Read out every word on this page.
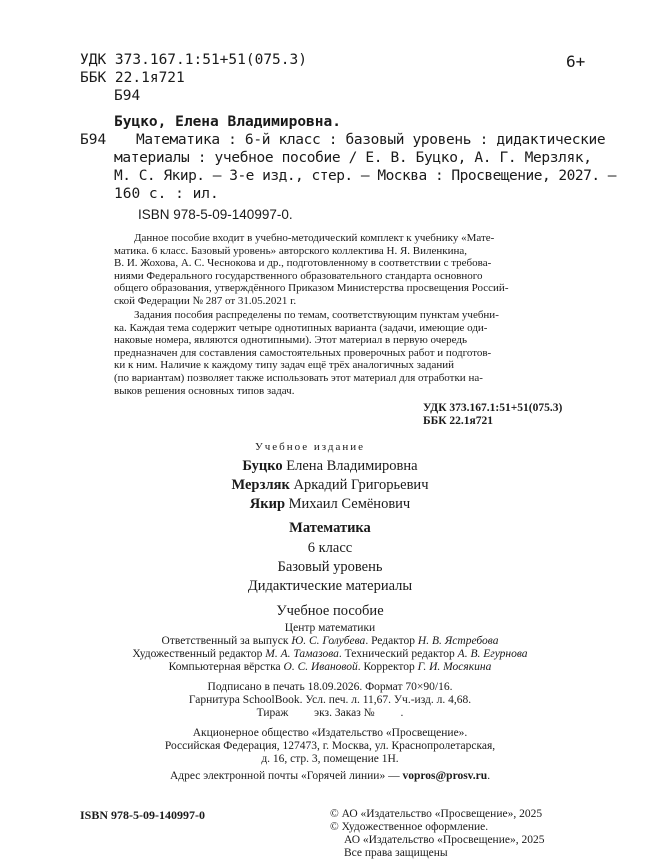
УДК 373.167.1:51+51(075.3)
ББК 22.1я721
Б94
6+
Буцко, Елена Владимировна.
Б94 Математика : 6-й класс : базовый уровень : дидактические
материалы : учебное пособие / Е. В. Буцко, А. Г. Мерзляк,
М. С. Якир. — 3-е изд., стер. — Москва : Просвещение, 2027. —
160 с. : ил.
ISBN 978-5-09-140997-0.
Данное пособие входит в учебно-методический комплект к учебнику «Мате-
матика. 6 класс. Базовый уровень» авторского коллектива Н. Я. Виленкина,
В. И. Жохова, А. С. Чеснокова и др., подготовленному в соответствии с требова-
ниями Федерального государственного образовательного стандарта основного
общего образования, утверждённого Приказом Министерства просвещения Россий-
ской Федерации № 287 от 31.05.2021 г.
Задания пособия распределены по темам, соответствующим пунктам учебни-
ка. Каждая тема содержит четыре однотипных варианта (задачи, имеющие оди-
наковые номера, являются однотипными). Этот материал в первую очередь
предназначен для составления самостоятельных проверочных работ и подготов-
ки к ним. Наличие к каждому типу задач ещё трёх аналогичных заданий
(по вариантам) позволяет также использовать этот материал для отработки на-
выков решения основных типов задач.
УДК 373.167.1:51+51(075.3)
ББК 22.1я721
Учебное издание
Буцко Елена Владимировна
Мерзляк Аркадий Григорьевич
Якир Михаил Семёнович
Математика
6 класс
Базовый уровень
Дидактические материалы
Учебное пособие
Центр математики
Ответственный за выпуск Ю. С. Голубева. Редактор Н. В. Ястребова
Художественный редактор М. А. Тамазова. Технический редактор А. В. Егурнова
Компьютерная вёрстка О. С. Ивановой. Корректор Г. И. Мосякина
Подписано в печать 18.09.2026. Формат 70×90/16.
Гарнитура SchoolBook. Усл. печ. л. 11,67. Уч.-изд. л. 4,68.
Тираж         экз. Заказ №         .
Акционерное общество «Издательство «Просвещение».
Российская Федерация, 127473, г. Москва, ул. Краснопролетарская,
д. 16, стр. 3, помещение 1Н.
Адрес электронной почты «Горячей линии» — vopros@prosv.ru.
ISBN 978-5-09-140997-0	© АО «Издательство «Просвещение», 2025
© Художественное оформление.
АО «Издательство «Просвещение», 2025
Все права защищены
